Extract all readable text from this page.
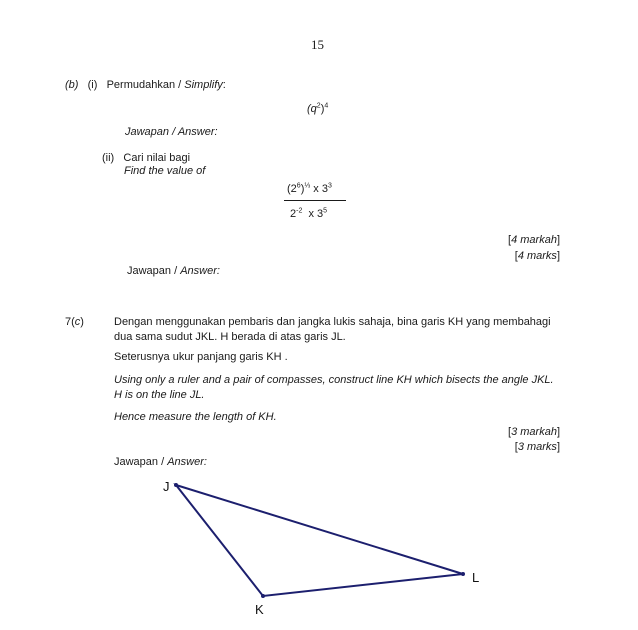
15
(b) (i) Permudahkan / Simplify:
$(q^2)^4$
Jawapan / Answer:
(ii) Cari nilai bagi
Find the value of
$(2^6)^{\frac{1}{3}}$ x $3^3$
$2^{-2}$ x $3^5$
[4 markah]
[4 marks]
Jawapan / Answer:
7(c)	Dengan menggunakan pembaris dan jangka lukis sahaja, bina garis KH yang membahagi
dua sama sudut JKL. H berada di atas garis JL.
Seterusnya ukur panjang garis KH .
Using only a ruler and a pair of compasses, construct line KH which bisects the angle JKL.
H is on the line JL.
Hence measure the length of KH.
[3 markah]
[3 marks]
Jawapan / Answer:
J
L
K
